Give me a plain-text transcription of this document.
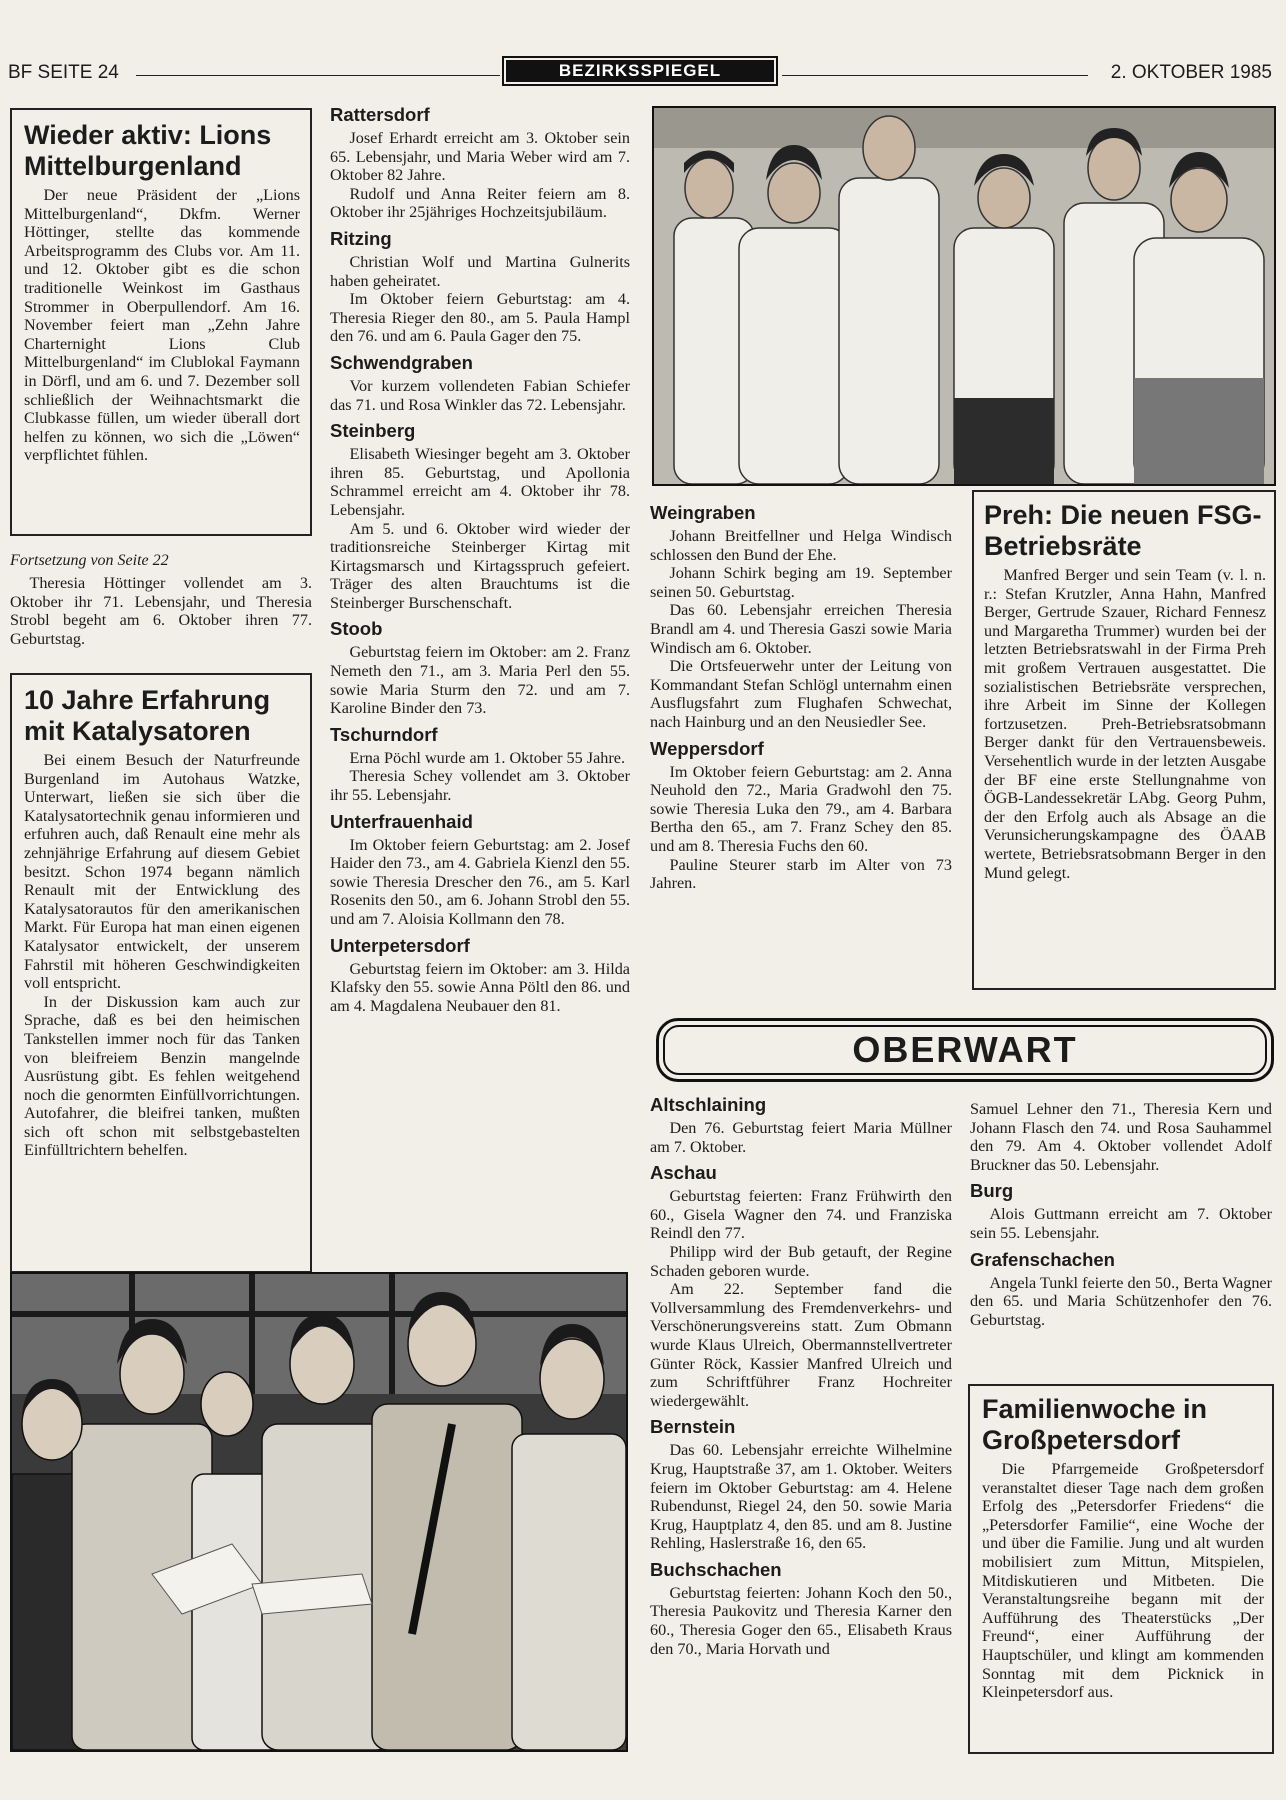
BF SEITE 24	BEZIRKSSPIEGEL	2. OKTOBER 1985
Wieder aktiv: Lions Mittelburgenland

Der neue Präsident der „Lions Mittelburgenland“, Dkfm. Werner Höttinger, stellte das kommende Arbeitsprogramm des Clubs vor. Am 11. und 12. Oktober gibt es die schon traditionelle Weinkost im Gasthaus Strommer in Oberpullendorf. Am 16. November feiert man „Zehn Jahre Charternight Lions Club Mittelburgenland“ im Clublokal Faymann in Dörfl, und am 6. und 7. Dezember soll schließlich der Weihnachtsmarkt die Clubkasse füllen, um wieder überall dort helfen zu können, wo sich die „Löwen“ verpflichtet fühlen.

Fortsetzung von Seite 22

Theresia Höttinger vollendet am 3. Oktober ihr 71. Lebensjahr, und Theresia Strobl begeht am 6. Oktober ihren 77. Geburtstag.

10 Jahre Erfahrung mit Katalysatoren

Bei einem Besuch der Naturfreunde Burgenland im Autohaus Watzke, Unterwart, ließen sie sich über die Katalysatortechnik genau informieren und erfuhren auch, daß Renault eine mehr als zehnjährige Erfahrung auf diesem Gebiet besitzt. Schon 1974 begann nämlich Renault mit der Entwicklung des Katalysatorautos für den amerikanischen Markt. Für Europa hat man einen eigenen Katalysator entwickelt, der unserem Fahrstil mit höheren Geschwindigkeiten voll entspricht.

In der Diskussion kam auch zur Sprache, daß es bei den heimischen Tankstellen immer noch für das Tanken von bleifreiem Benzin mangelnde Ausrüstung gibt. Es fehlen weitgehend noch die genormten Einfüllvorrichtungen. Autofahrer, die bleifrei tanken, mußten sich oft schon mit selbstgebastelten Einfülltrichtern behelfen.

Rattersdorf

Josef Erhardt erreicht am 3. Oktober sein 65. Lebensjahr, und Maria Weber wird am 7. Oktober 82 Jahre.

Rudolf und Anna Reiter feiern am 8. Oktober ihr 25jähriges Hochzeitsjubiläum.

Ritzing

Christian Wolf und Martina Gulnerits haben geheiratet.

Im Oktober feiern Geburtstag: am 4. Theresia Rieger den 80., am 5. Paula Hampl den 76. und am 6. Paula Gager den 75.

Schwendgraben

Vor kurzem vollendeten Fabian Schiefer das 71. und Rosa Winkler das 72. Lebensjahr.

Steinberg

Elisabeth Wiesinger begeht am 3. Oktober ihren 85. Geburtstag, und Apollonia Schrammel erreicht am 4. Oktober ihr 78. Lebensjahr.

Am 5. und 6. Oktober wird wieder der traditionsreiche Steinberger Kirtag mit Kirtagsmarsch und Kirtagsspruch gefeiert. Träger des alten Brauchtums ist die Steinberger Burschenschaft.

Stoob

Geburtstag feiern im Oktober: am 2. Franz Nemeth den 71., am 3. Maria Perl den 55. sowie Maria Sturm den 72. und am 7. Karoline Binder den 73.

Tschurndorf

Erna Pöchl wurde am 1. Oktober 55 Jahre.

Theresia Schey vollendet am 3. Oktober ihr 55. Lebensjahr.

Unterfrauenhaid

Im Oktober feiern Geburtstag: am 2. Josef Haider den 73., am 4. Gabriela Kienzl den 55. sowie Theresia Drescher den 76., am 5. Karl Rosenits den 50., am 6. Johann Strobl den 55. und am 7. Aloisia Kollmann den 78.

Unterpetersdorf

Geburtstag feiern im Oktober: am 3. Hilda Klafsky den 55. sowie Anna Pöltl den 86. und am 4. Magdalena Neubauer den 81.

Weingraben

Johann Breitfellner und Helga Windisch schlossen den Bund der Ehe.

Johann Schirk beging am 19. September seinen 50. Geburtstag.

Das 60. Lebensjahr erreichen Theresia Brandl am 4. und Theresia Gaszi sowie Maria Windisch am 6. Oktober.

Die Ortsfeuerwehr unter der Leitung von Kommandant Stefan Schlögl unternahm einen Ausflugsfahrt zum Flughafen Schwechat, nach Hainburg und an den Neusiedler See.

Weppersdorf

Im Oktober feiern Geburtstag: am 2. Anna Neuhold den 72., Maria Gradwohl den 75. sowie Theresia Luka den 79., am 4. Barbara Bertha den 65., am 7. Franz Schey den 85. und am 8. Theresia Fuchs den 60.

Pauline Steurer starb im Alter von 73 Jahren.

Preh: Die neuen FSG-Betriebsräte

Manfred Berger und sein Team (v. l. n. r.: Stefan Krutzler, Anna Hahn, Manfred Berger, Gertrude Szauer, Richard Fennesz und Margaretha Trummer) wurden bei der letzten Betriebsratswahl in der Firma Preh mit großem Vertrauen ausgestattet. Die sozialistischen Betriebsräte versprechen, ihre Arbeit im Sinne der Kollegen fortzusetzen. Preh-Betriebsratsobmann Berger dankt für den Vertrauensbeweis. Versehentlich wurde in der letzten Ausgabe der BF eine erste Stellungnahme von ÖGB-Landessekretär LAbg. Georg Puhm, der den Erfolg auch als Absage an die Verunsicherungskampagne des ÖAAB wertete, Betriebsratsobmann Berger in den Mund gelegt.

OBERWART
Altschlaining

Den 76. Geburtstag feiert Maria Müllner am 7. Oktober.

Aschau

Geburtstag feierten: Franz Frühwirth den 60., Gisela Wagner den 74. und Franziska Reindl den 77.

Philipp wird der Bub getauft, der Regine Schaden geboren wurde.

Am 22. September fand die Vollversammlung des Fremdenverkehrs- und Verschönerungsvereins statt. Zum Obmann wurde Klaus Ulreich, Obermannstellvertreter Günter Röck, Kassier Manfred Ulreich und zum Schriftführer Franz Hochreiter wiedergewählt.

Bernstein

Das 60. Lebensjahr erreichte Wilhelmine Krug, Hauptstraße 37, am 1. Oktober. Weiters feiern im Oktober Geburtstag: am 4. Helene Rubendunst, Riegel 24, den 50. sowie Maria Krug, Hauptplatz 4, den 85. und am 8. Justine Rehling, Haslerstraße 16, den 65.

Buchschachen

Geburtstag feierten: Johann Koch den 50., Theresia Paukovitz und Theresia Karner den 60., Theresia Goger den 65., Elisabeth Kraus den 70., Maria Horvath und

Samuel Lehner den 71., Theresia Kern und Johann Flasch den 74. und Rosa Sauhammel den 79. Am 4. Oktober vollendet Adolf Bruckner das 50. Lebensjahr.

Burg

Alois Guttmann erreicht am 7. Oktober sein 55. Lebensjahr.

Grafenschachen

Angela Tunkl feierte den 50., Berta Wagner den 65. und Maria Schützenhofer den 76. Geburtstag.

Familienwoche in Großpetersdorf

Die Pfarrgemeide Großpetersdorf veranstaltet dieser Tage nach dem großen Erfolg des „Petersdorfer Friedens“ die „Petersdorfer Familie“, eine Woche der und über die Familie. Jung und alt wurden mobilisiert zum Mittun, Mitspielen, Mitdiskutieren und Mitbeten. Die Veranstaltungsreihe begann mit der Aufführung des Theaterstücks „Der Freund“, einer Aufführung der Hauptschüler, und klingt am kommenden Sonntag mit dem Picknick in Kleinpetersdorf aus.
